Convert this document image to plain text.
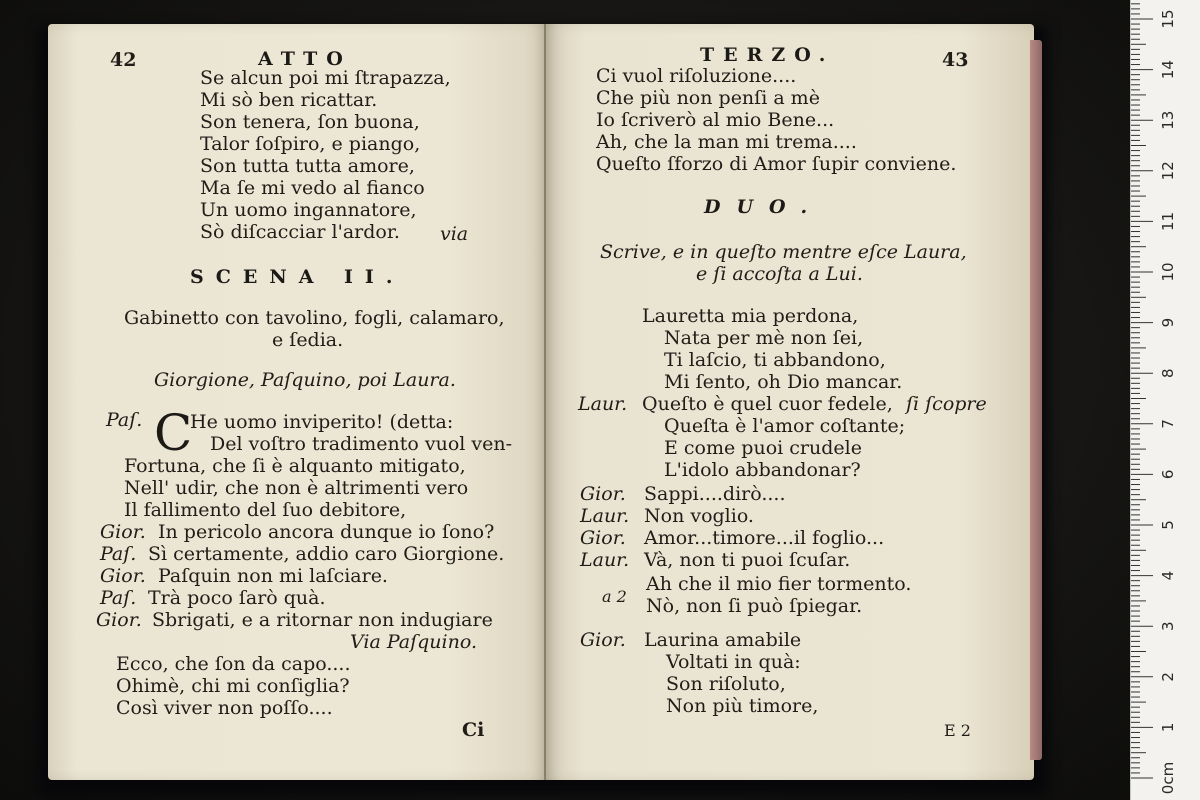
42	ATTO
Se alcun poi mi ſtrapazza,
Mi sò ben ricattar.
Son tenera, ſon buona,
Talor ſoſpiro, e piango,
Son tutta tutta amore,
Ma ſe mi vedo al fianco
Un uomo ingannatore,
Sò diſcacciar l'ardor. via
SCENA II.
Gabinetto con tavolino, fogli, calamaro,
e ſedia.
Giorgione, Paſquino, poi Laura.
Paſ. C
He uomo inviperito! (detta:
Del voſtro tradimento vuol ven-
Fortuna, che ſi è alquanto mitigato,
Nell' udir, che non è altrimenti vero
Il fallimento del ſuo debitore,
Gior. In pericolo ancora dunque io ſono?
Paſ. Sì certamente, addio caro Giorgione.
Gior. Paſquin non mi laſciare.
Paſ. Trà poco ſarò quà.
Gior. Sbrigati, e a ritornar non indugiare
Via Paſquino.
Ecco, che ſon da capo....
Ohimè, chi mi conſiglia?
Così viver non poſſo....
Ci
TERZO.	43
Ci vuol riſoluzione....
Che più non penſi a mè
Io ſcriverò al mio Bene...
Ah, che la man mi trema....
Queſto ſforzo di Amor ſupir conviene.
DUO.
Scrive, e in queſto mentre eſce Laura,
e ſi accoſta a Lui.
Lauretta mia perdona,
Nata per mè non ſei,
Ti laſcio, ti abbandono,
Mi ſento, oh Dio mancar.
Laur. Queſto è quel cuor fedele, ſi ſcopre
Queſta è l'amor coſtante;
E come puoi crudele
L'idolo abbandonar?
Gior. Sappi....dirò....
Laur. Non voglio.
Gior. Amor...timore...il foglio...
Laur. Và, non ti puoi ſcuſar.
a 2
Ah che il mio fier tormento.
Nò, non ſi può ſpiegar.
Gior. Laurina amabile
Voltati in quà:
Son riſoluto,
Non più timore,
E 2
0cm
1
2
3
4
5
6
7
8
9
10
11
12
13
14
15
